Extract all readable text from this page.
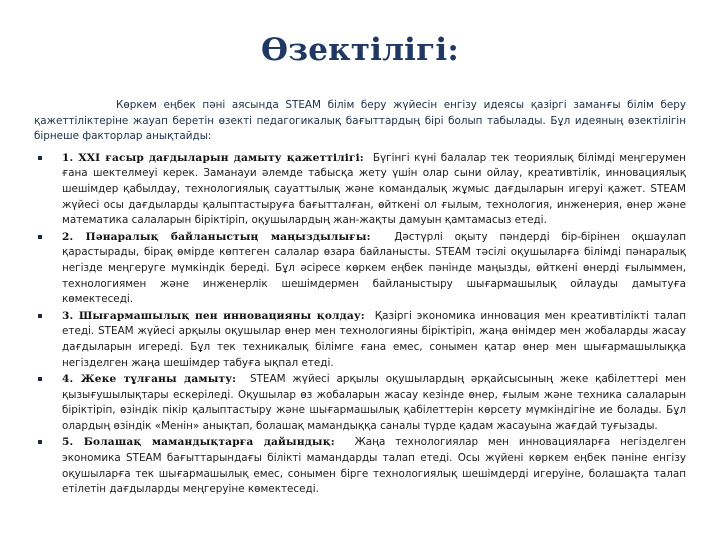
Өзектілігі:

Көркем еңбек пәні аясында STEAM білім беру жүйесін енгізу идеясы қазіргі заманғы білім беру қажеттіліктеріне жауап беретін өзекті педагогикалық бағыттардың бірі болып табылады. Бұл идеяның өзектілігін бірнеше факторлар анықтайды:

1. XXI ғасыр дағдыларын дамыту қажеттілігі: Бүгінгі күні балалар тек теориялық білімді меңгерумен ғана шектелмеуі керек. Заманауи әлемде табысқа жету үшін олар сыни ойлау, креативтілік, инновациялық шешімдер қабылдау, технологиялық сауаттылық және командалық жұмыс дағдыларын игеруі қажет. STEAM жүйесі осы дағдыларды қалыптастыруға бағытталған, өйткені ол ғылым, технология, инженерия, өнер және математика салаларын біріктіріп, оқушылардың жан-жақты дамуын қамтамасыз етеді.
2. Пәнаралық байланыстың маңыздылығы: Дәстүрлі оқыту пәндерді бір-бірінен оқшаулап қарастырады, бірақ өмірде көптеген салалар өзара байланысты. STEAM тәсілі оқушыларға білімді пәнаралық негізде меңгеруге мүмкіндік береді. Бұл әсіресе көркем еңбек пәнінде маңызды, өйткені өнерді ғылыммен, технологиямен және инженерлік шешімдермен байланыстыру шығармашылық ойлауды дамытуға көмектеседі.
3. Шығармашылық пен инновацияны қолдау: Қазіргі экономика инновация мен креативтілікті талап етеді. STEAM жүйесі арқылы оқушылар өнер мен технологияны біріктіріп, жаңа өнімдер мен жобаларды жасау дағдыларын игереді. Бұл тек техникалық білімге ғана емес, сонымен қатар өнер мен шығармашылыққа негізделген жаңа шешімдер табуға ықпал етеді.
4. Жеке тұлғаны дамыту: STEAM жүйесі арқылы оқушылардың әрқайсысының жеке қабілеттері мен қызығушылықтары ескеріледі. Оқушылар өз жобаларын жасау кезінде өнер, ғылым және техника салаларын біріктіріп, өзіндік пікір қалыптастыру және шығармашылық қабілеттерін көрсету мүмкіндігіне ие болады. Бұл олардың өзіндік «Менін» анықтап, болашақ мамандыққа саналы түрде қадам жасауына жағдай туғызады.
5. Болашақ мамандықтарға дайындық: Жаңа технологиялар мен инновацияларға негізделген экономика STEAM бағыттарындағы білікті мамандарды талап етеді. Осы жүйені көркем еңбек пәніне енгізу оқушыларға тек шығармашылық емес, сонымен бірге технологиялық шешімдерді игеруіне, болашақта талап етілетін дағдыларды меңгеруіне көмектеседі.
